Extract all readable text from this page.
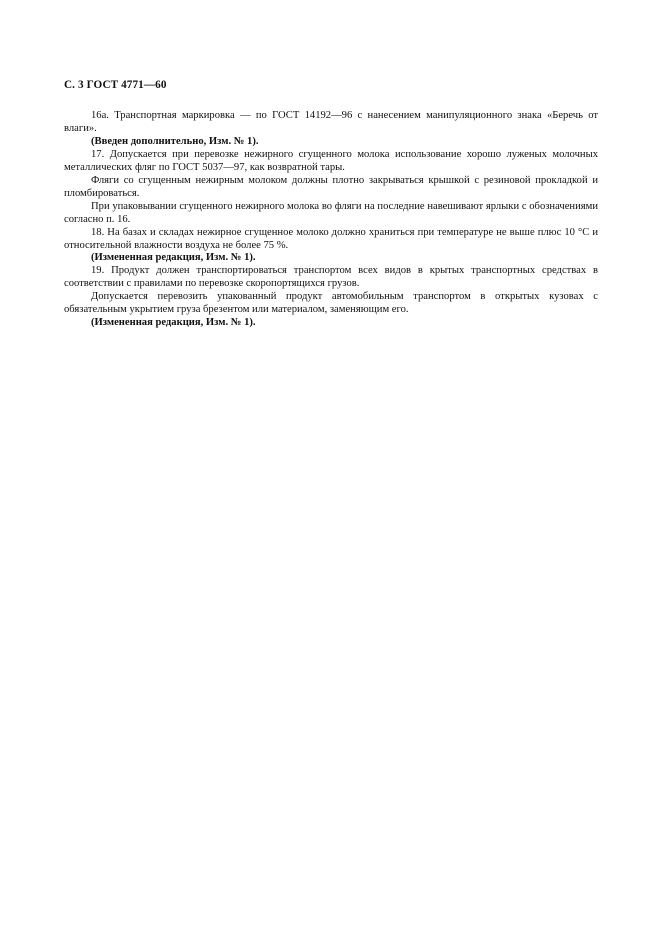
С. 3 ГОСТ 4771—60

16а. Транспортная маркировка — по ГОСТ 14192—96 с нанесением манипуляционного знака «Беречь от влаги».

(Введен дополнительно, Изм. № 1).

17. Допускается при перевозке нежирного сгущенного молока использование хорошо луженых молочных металлических фляг по ГОСТ 5037—97, как возвратной тары.

Фляги со сгущенным нежирным молоком должны плотно закрываться крышкой с резиновой прокладкой и пломбироваться.

При упаковывании сгущенного нежирного молока во фляги на последние навешивают ярлыки с обозначениями согласно п. 16.

18. На базах и складах нежирное сгущенное молоко должно храниться при температуре не выше плюс 10 °С и относительной влажности воздуха не более 75 %.

(Измененная редакция, Изм. № 1).

19. Продукт должен транспортироваться транспортом всех видов в крытых транспортных средствах в соответствии с правилами по перевозке скоропортящихся грузов.

Допускается перевозить упакованный продукт автомобильным транспортом в открытых кузовах с обязательным укрытием груза брезентом или материалом, заменяющим его.

(Измененная редакция, Изм. № 1).
